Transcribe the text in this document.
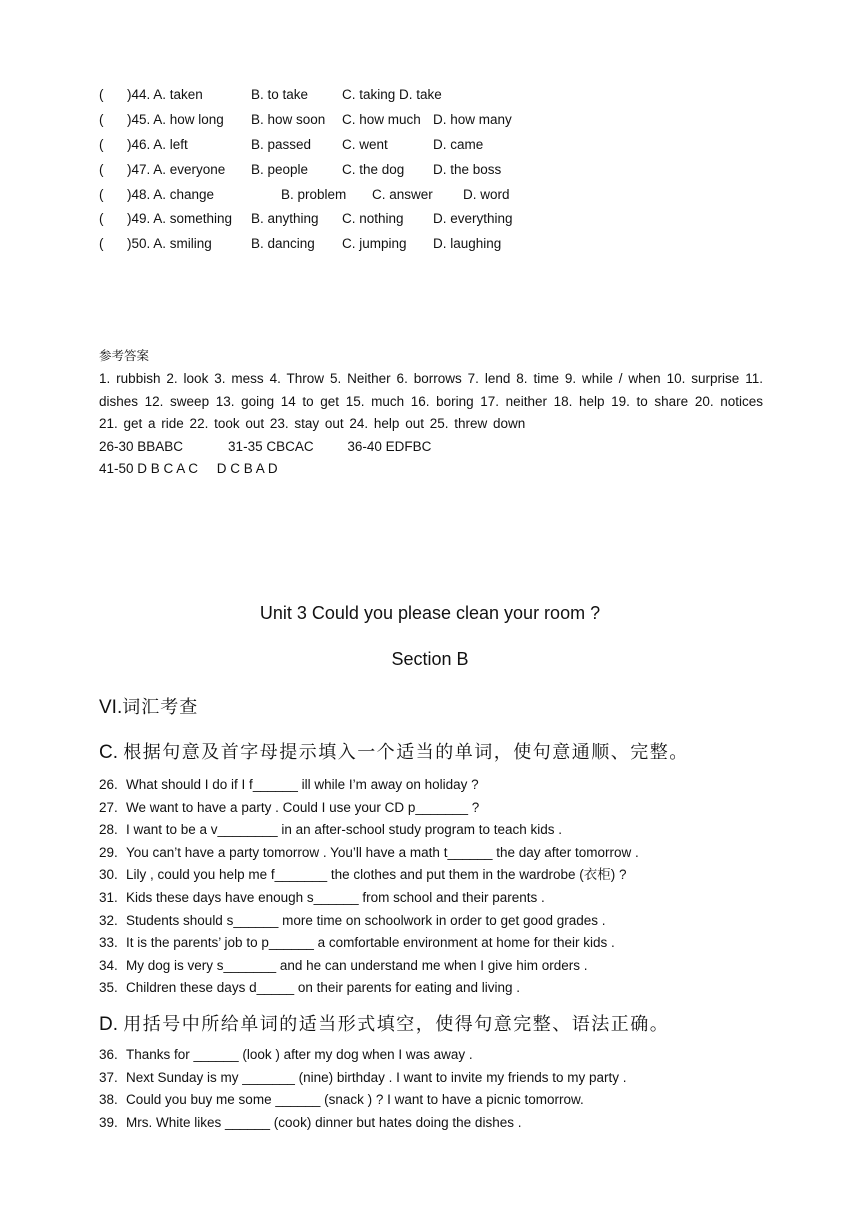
( )44. A. taken	B. to take	C. taking D. take
( )45. A. how long B. how soon C. how much D. how many
( )46. A. left	B. passed C. went	D. came
( )47. A. everyone B. people	C. the dog D. the boss
( )48. A. change	B. problem C. answer D. word
( )49. A. something B. anything C. nothing D. everything
( )50. A. smiling	B. dancing C. jumping D. laughing
参考答案
1. rubbish 2. look 3. mess 4. Throw 5. Neither 6. borrows 7. lend 8. time 9. while / when 10. surprise 11. dishes 12. sweep 13. going 14 to get 15. much 16. boring 17. neither 18. help 19. to share 20. notices 21. get a ride 22. took out 23. stay out 24. help out 25. threw down
26-30 BBABC            31-35 CBCAC         36-40 EDFBC
41-50 D B C A C     D C B A D
Unit 3 Could you please clean your room ?
Section B
VI.词汇考查
C. 根据句意及首字母提示填入一个适当的单词，使句意通顺、完整。
26. What should I do if I f______ ill while I’m away on holiday ?
27. We want to have a party . Could I use your CD p_______ ?
28. I want to be a v________ in an after-school study program to teach kids .
29. You can’t have a party tomorrow . You’ll have a math t______ the day after tomorrow .
30. Lily , could you help me f_______ the clothes and put them in the wardrobe (衣柜) ?
31. Kids these days have enough s______ from school and their parents .
32. Students should s______ more time on schoolwork in order to get good grades .
33. It is the parents’ job to p______ a comfortable environment at home for their kids .
34. My dog is very s_______ and he can understand me when I give him orders .
35. Children these days d_____ on their parents for eating and living .
D. 用括号中所给单词的适当形式填空，使得句意完整、语法正确。
36. Thanks for ______ (look ) after my dog when I was away .
37. Next Sunday is my _______ (nine) birthday . I want to invite my friends to my party .
38. Could you buy me some ______ (snack ) ? I want to have a picnic tomorrow.
39. Mrs. White likes ______ (cook) dinner but hates doing the dishes .
